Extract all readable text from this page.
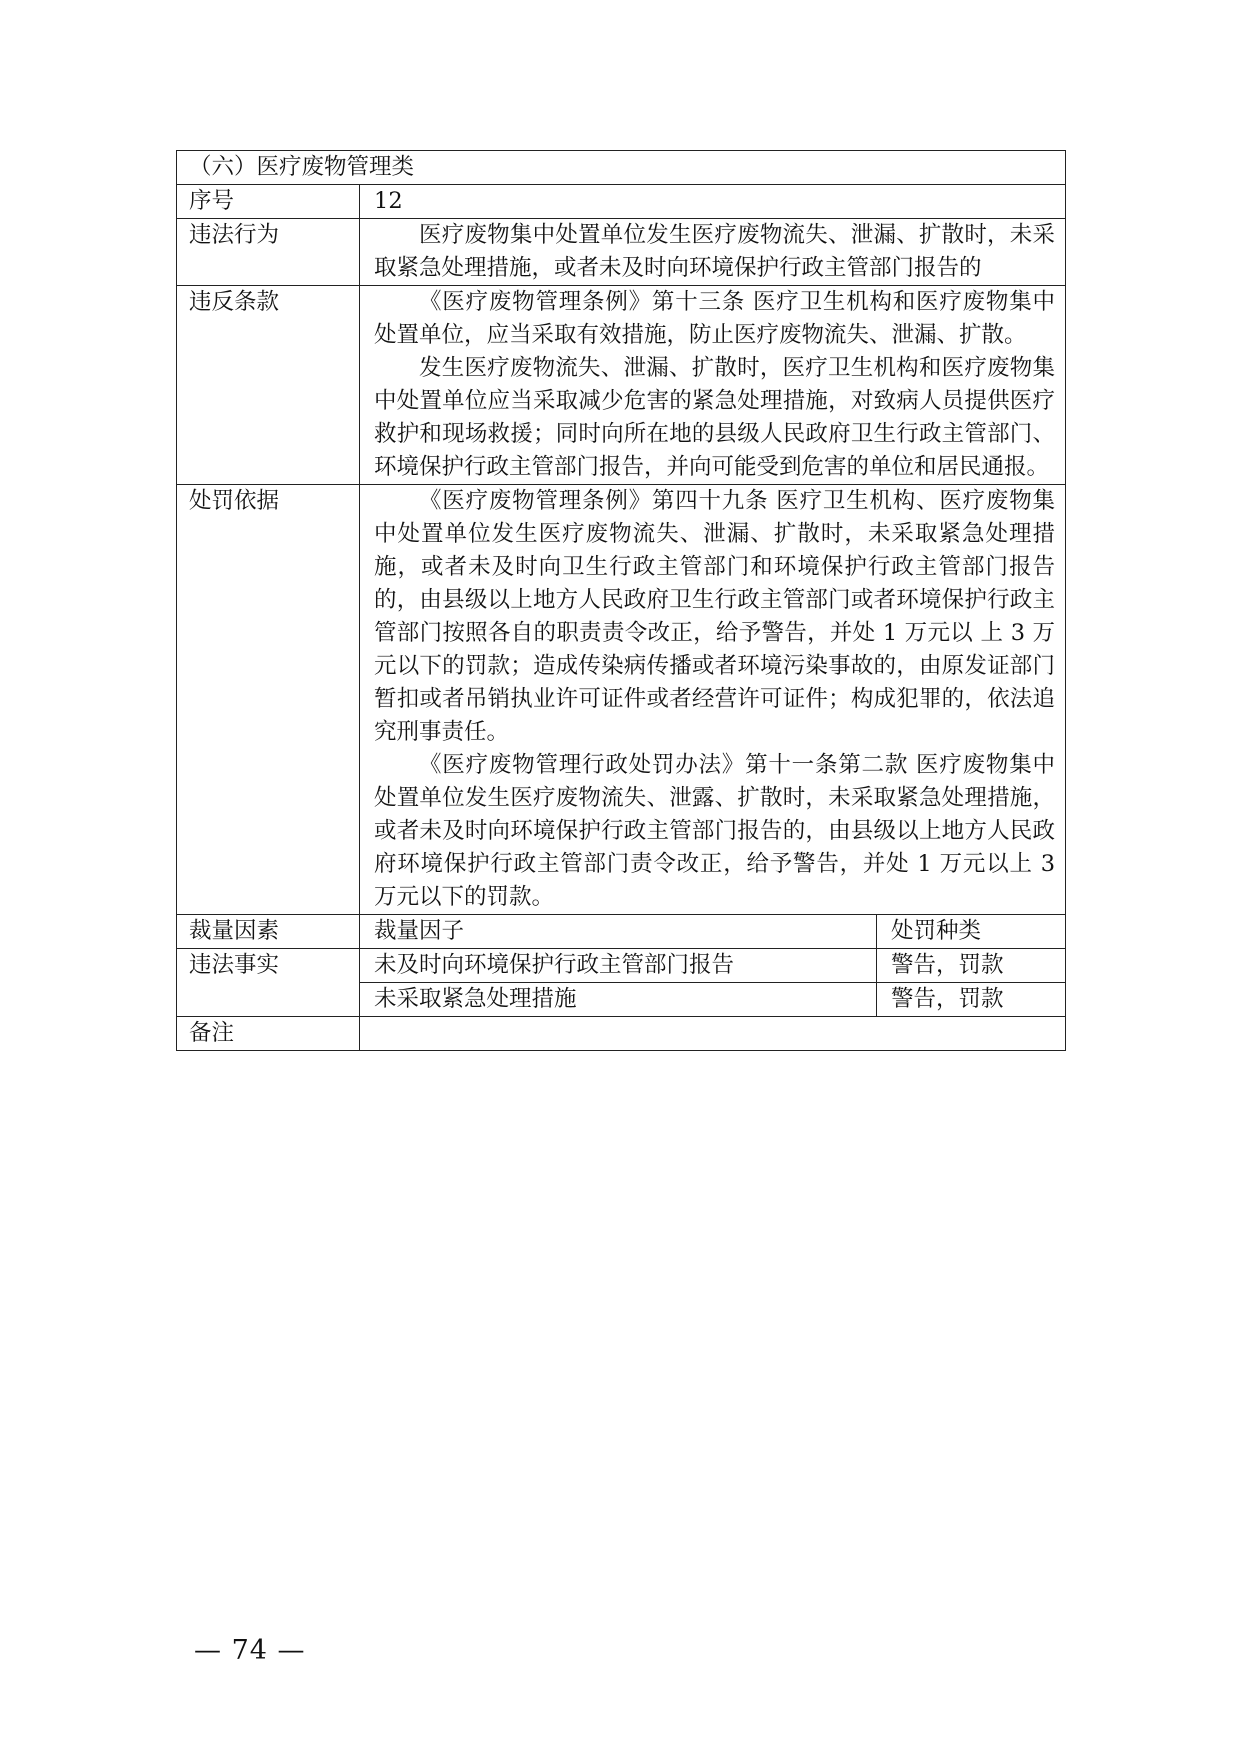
（六）医疗废物管理类		
序号	12	
违法行为	医疗废物集中处置单位发生医疗废物流失、泄漏、扩散时，未采取紧急处理措施，或者未及时向环境保护行政主管部门报告的	

违反条款	《医疗废物管理条例》第十三条 医疗卫生机构和医疗废物集中处置单位，应当采取有效措施，防止医疗废物流失、泄漏、扩散。

发生医疗废物流失、泄漏、扩散时，医疗卫生机构和医疗废物集中处置单位应当采取减少危害的紧急处理措施，对致病人员提供医疗救护和现场救援；同时向所在地的县级人民政府卫生行政主管部门、环境保护行政主管部门报告，并向可能受到危害的单位和居民通报。	

处罚依据	《医疗废物管理条例》第四十九条 医疗卫生机构、医疗废物集中处置单位发生医疗废物流失、泄漏、扩散时，未采取紧急处理措施，或者未及时向卫生行政主管部门和环境保护行政主管部门报告的，由县级以上地方人民政府卫生行政主管部门或者环境保护行政主管部门按照各自的职责责令改正，给予警告，并处 1 万元以 上 3 万元以下的罚款；造成传染病传播或者环境污染事故的，由原发证部门暂扣或者吊销执业许可证件或者经营许可证件；构成犯罪的，依法追究刑事责任。

《医疗废物管理行政处罚办法》第十一条第二款 医疗废物集中处置单位发生医疗废物流失、泄露、扩散时，未采取紧急处理措施，或者未及时向环境保护行政主管部门报告的，由县级以上地方人民政府环境保护行政主管部门责令改正，给予警告，并处 1 万元以上 3 万元以下的罚款。	

裁量因素	裁量因子	处罚种类
违法事实	未及时向环境保护行政主管部门报告	警告，罚款
	未采取紧急处理措施	警告，罚款
备注		
— 74 —
